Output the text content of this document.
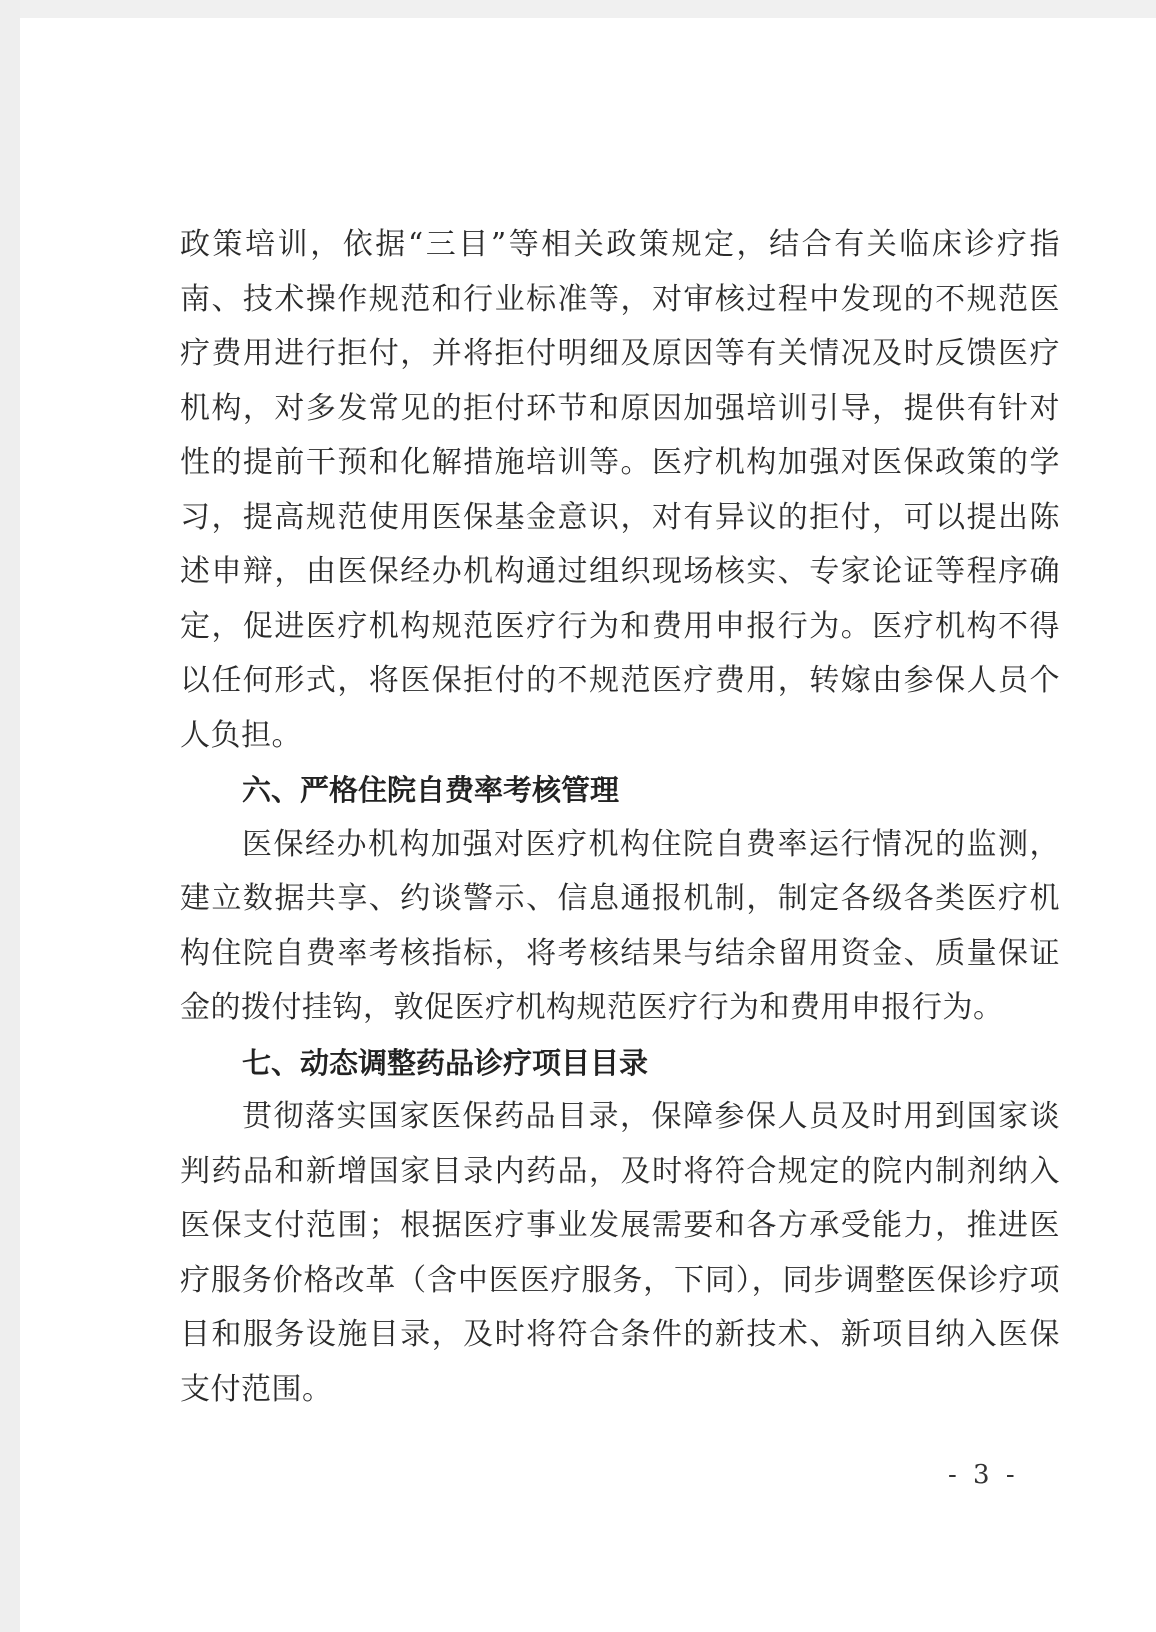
政策培训，依据“三目”等相关政策规定，结合有关临床诊疗指南、技术操作规范和行业标准等，对审核过程中发现的不规范医疗费用进行拒付，并将拒付明细及原因等有关情况及时反馈医疗机构，对多发常见的拒付环节和原因加强培训引导，提供有针对性的提前干预和化解措施培训等。医疗机构加强对医保政策的学习，提高规范使用医保基金意识，对有异议的拒付，可以提出陈述申辩，由医保经办机构通过组织现场核实、专家论证等程序确定，促进医疗机构规范医疗行为和费用申报行为。医疗机构不得以任何形式，将医保拒付的不规范医疗费用，转嫁由参保人员个人负担。

六、严格住院自费率考核管理

医保经办机构加强对医疗机构住院自费率运行情况的监测，建立数据共享、约谈警示、信息通报机制，制定各级各类医疗机构住院自费率考核指标，将考核结果与结余留用资金、质量保证金的拨付挂钩，敦促医疗机构规范医疗行为和费用申报行为。

七、动态调整药品诊疗项目目录

贯彻落实国家医保药品目录，保障参保人员及时用到国家谈判药品和新增国家目录内药品，及时将符合规定的院内制剂纳入医保支付范围；根据医疗事业发展需要和各方承受能力，推进医疗服务价格改革（含中医医疗服务，下同），同步调整医保诊疗项目和服务设施目录，及时将符合条件的新技术、新项目纳入医保支付范围。

- 3 -
